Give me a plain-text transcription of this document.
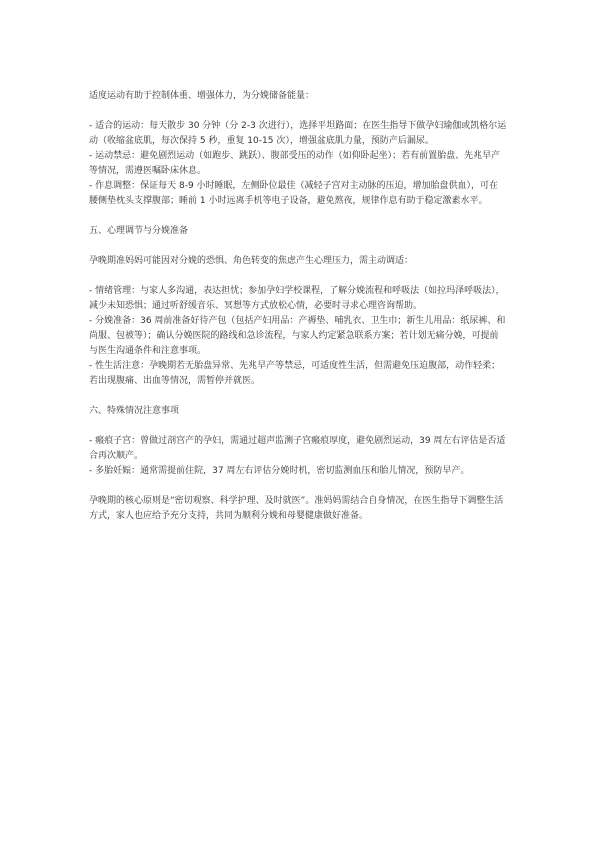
适度运动有助于控制体重、增强体力，为分娩储备能量：

- 适合的运动：每天散步 30 分钟（分 2-3 次进行），选择平坦路面；在医生指导下做孕妇瑜伽或凯格尔运动（收缩盆底肌，每次保持 5 秒，重复 10-15 次），增强盆底肌力量，预防产后漏尿。

- 运动禁忌：避免剧烈运动（如跑步、跳跃）、腹部受压的动作（如仰卧起坐）；若有前置胎盘、先兆早产等情况，需遵医嘱卧床休息。

- 作息调整：保证每天 8-9 小时睡眠，左侧卧位最佳（减轻子宫对主动脉的压迫，增加胎盘供血），可在腰侧垫枕头支撑腹部；睡前 1 小时远离手机等电子设备，避免熬夜，规律作息有助于稳定激素水平。

五、心理调节与分娩准备

孕晚期准妈妈可能因对分娩的恐惧、角色转变的焦虑产生心理压力，需主动调适：

- 情绪管理：与家人多沟通，表达担忧；参加孕妇学校课程，了解分娩流程和呼吸法（如拉玛泽呼吸法），减少未知恐惧；通过听舒缓音乐、冥想等方式放松心情，必要时寻求心理咨询帮助。

- 分娩准备：36 周前准备好待产包（包括产妇用品：产褥垫、哺乳衣、卫生巾；新生儿用品：纸尿裤、和尚服、包被等）；确认分娩医院的路线和急诊流程，与家人约定紧急联系方案；若计划无痛分娩，可提前与医生沟通条件和注意事项。

- 性生活注意：孕晚期若无胎盘异常、先兆早产等禁忌，可适度性生活，但需避免压迫腹部，动作轻柔；若出现腹痛、出血等情况，需暂停并就医。

六、特殊情况注意事项

- 瘢痕子宫：曾做过剖宫产的孕妇，需通过超声监测子宫瘢痕厚度，避免剧烈运动，39 周左右评估是否适合再次顺产。

- 多胎妊娠：通常需提前住院，37 周左右评估分娩时机，密切监测血压和胎儿情况，预防早产。

孕晚期的核心原则是“密切观察、科学护理、及时就医”。准妈妈需结合自身情况，在医生指导下调整生活方式，家人也应给予充分支持，共同为顺利分娩和母婴健康做好准备。
